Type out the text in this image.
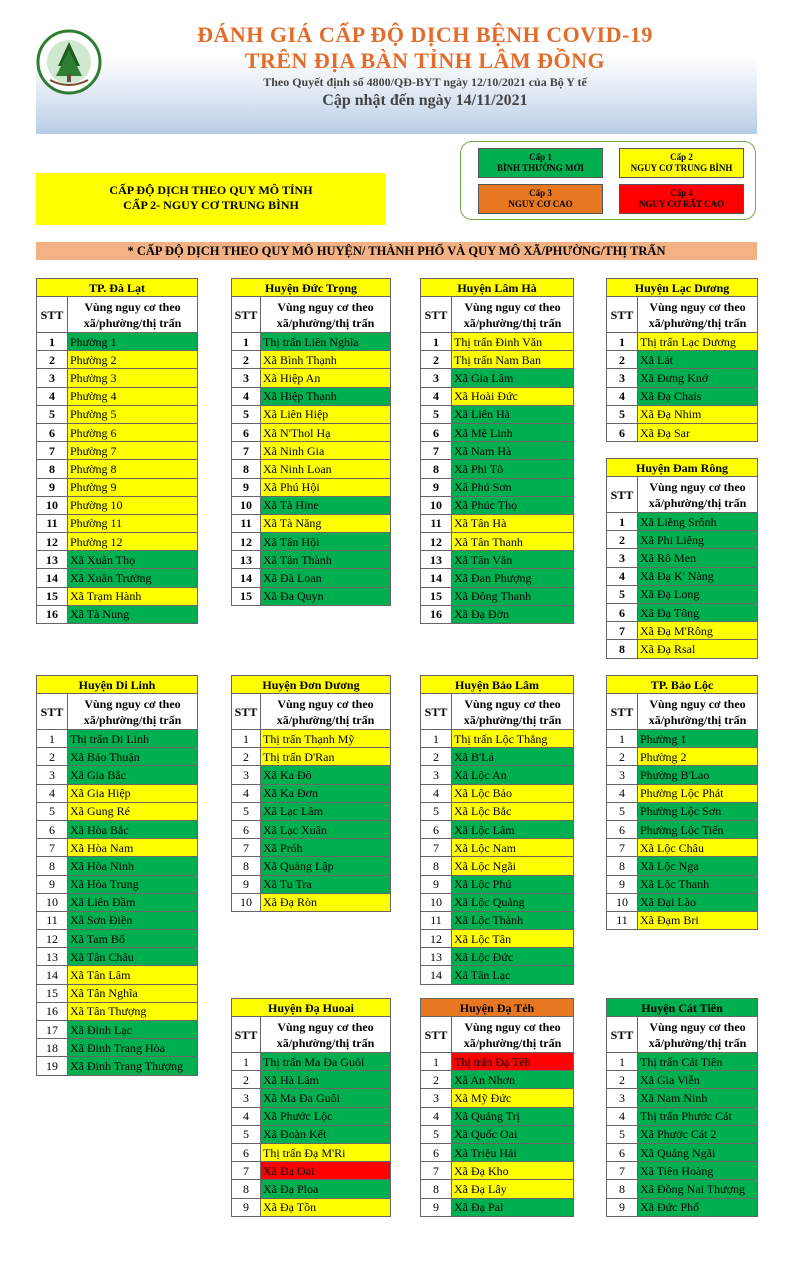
ĐÁNH GIÁ CẤP ĐỘ DỊCH BỆNH COVID-19
TRÊN ĐỊA BÀN TỈNH LÂM ĐỒNG
Theo Quyết định số 4800/QĐ-BYT ngày 12/10/2021 của Bộ Y tế
Cập nhật đến ngày 14/11/2021
CẤP ĐỘ DỊCH THEO QUY MÔ TỈNH
CẤP 2- NGUY CƠ TRUNG BÌNH
Cấp 1
BÌNH THƯỜNG MỚI
Cấp 2
NGUY CƠ TRUNG BÌNH
Cấp 3
NGUY CƠ CAO
Cấp 4
NGUY CƠ RẤT CAO
* CẤP ĐỘ DỊCH THEO QUY MÔ HUYỆN/ THÀNH PHỐ VÀ QUY MÔ XÃ/PHƯỜNG/THỊ TRẤN
TP. Đà Lạt	
STT	Vùng nguy cơ theo xã/phường/thị trấn
1	Phường 1
2	Phường 2
3	Phường 3
4	Phường 4
5	Phường 5
6	Phường 6
7	Phường 7
8	Phường 8
9	Phường 9
10	Phường 10
11	Phường 11
12	Phường 12
13	Xã Xuân Thọ
14	Xã Xuân Trường
15	Xã Trạm Hành
16	Xã Tà Nung
Huyện Đức Trọng	
STT	Vùng nguy cơ theo xã/phường/thị trấn
1	Thị trấn Liên Nghĩa
2	Xã Bình Thạnh
3	Xã Hiệp An
4	Xã Hiệp Thạnh
5	Xã Liên Hiệp
6	Xã N'Thol Hạ
7	Xã Ninh Gia
8	Xã Ninh Loan
9	Xã Phú Hội
10	Xã Tà Hine
11	Xã Tà Năng
12	Xã Tân Hội
13	Xã Tân Thành
14	Xã Đà Loan
15	Xã Đa Quyn
Huyện Lâm Hà	
STT	Vùng nguy cơ theo xã/phường/thị trấn
1	Thị trấn Đinh Văn
2	Thị trấn Nam Ban
3	Xã Gia Lâm
4	Xã Hoài Đức
5	Xã Liên Hà
6	Xã Mê Linh
7	Xã Nam Hà
8	Xã Phi Tô
9	Xã Phú Sơn
10	Xã Phúc Thọ
11	Xã Tân Hà
12	Xã Tân Thanh
13	Xã Tân Văn
14	Xã Đan Phượng
15	Xã Đông Thanh
16	Xã Đạ Đờn
Huyện Lạc Dương	
STT	Vùng nguy cơ theo xã/phường/thị trấn
1	Thị trấn Lạc Dương
2	Xã Lát
3	Xã Đưng Knớ
4	Xã Đạ Chais
5	Xã Đạ Nhim
6	Xã Đạ Sar
Huyện Đam Rông	
STT	Vùng nguy cơ theo xã/phường/thị trấn
1	Xã Liêng Srônh
2	Xã Phi Liêng
3	Xã Rô Men
4	Xã Đạ K' Nàng
5	Xã Đạ Long
6	Xã Đạ Tông
7	Xã Đạ M'Rông
8	Xã Đạ Rsal
Huyện Di Linh	
STT	Vùng nguy cơ theo xã/phường/thị trấn
1	Thị trấn Di Linh
2	Xã Bảo Thuận
3	Xã Gia Bắc
4	Xã Gia Hiệp
5	Xã Gung Ré
6	Xã Hòa Bắc
7	Xã Hòa Nam
8	Xã Hòa Ninh
9	Xã Hòa Trung
10	Xã Liên Đầm
11	Xã Sơn Điền
12	Xã Tam Bố
13	Xã Tân Châu
14	Xã Tân Lâm
15	Xã Tân Nghĩa
16	Xã Tân Thượng
17	Xã Đinh Lạc
18	Xã Đinh Trang Hòa
19	Xã Đinh Trang Thượng
Huyện Đơn Dương	
STT	Vùng nguy cơ theo xã/phường/thị trấn
1	Thị trấn Thạnh Mỹ
2	Thị trấn D'Ran
3	Xã Ka Đô
4	Xã Ka Đơn
5	Xã Lạc Lâm
6	Xã Lạc Xuân
7	Xã Próh
8	Xã Quảng Lập
9	Xã Tu Tra
10	Xã Đạ Ròn
Huyện Bảo Lâm	
STT	Vùng nguy cơ theo xã/phường/thị trấn
1	Thị trấn Lộc Thắng
2	Xã B'Lá
3	Xã Lộc An
4	Xã Lộc Bảo
5	Xã Lộc Bắc
6	Xã Lộc Lâm
7	Xã Lộc Nam
8	Xã Lộc Ngãi
9	Xã Lộc Phú
10	Xã Lộc Quảng
11	Xã Lộc Thành
12	Xã Lộc Tân
13	Xã Lộc Đức
14	Xã Tân Lạc
TP. Bảo Lộc	
STT	Vùng nguy cơ theo xã/phường/thị trấn
1	Phường 1
2	Phường 2
3	Phường B'Lao
4	Phường Lộc Phát
5	Phường Lộc Sơn
6	Phường Lộc Tiến
7	Xã Lộc Châu
8	Xã Lộc Nga
9	Xã Lộc Thanh
10	Xã Đại Lào
11	Xã Đạm Bri
Huyện Đạ Huoai	
STT	Vùng nguy cơ theo xã/phường/thị trấn
1	Thị trấn Ma Đa Guôi
2	Xã Hà Lâm
3	Xã Ma Đa Guôi
4	Xã Phước Lộc
5	Xã Đoàn Kết
6	Thị trấn Đạ M'Ri
7	Xã Đạ Oai
8	Xã Đạ Ploa
9	Xã Đạ Tồn
Huyện Đạ Tẻh	
STT	Vùng nguy cơ theo xã/phường/thị trấn
1	Thị trấn Đạ Tẻh
2	Xã An Nhơn
3	Xã Mỹ Đức
4	Xã Quảng Trị
5	Xã Quốc Oai
6	Xã Triệu Hải
7	Xã Đạ Kho
8	Xã Đạ Lây
9	Xã Đạ Pal
Huyện Cát Tiên	
STT	Vùng nguy cơ theo xã/phường/thị trấn
1	Thị trấn Cát Tiên
2	Xã Gia Viễn
3	Xã Nam Ninh
4	Thị trấn Phước Cát
5	Xã Phước Cát 2
6	Xã Quảng Ngãi
7	Xã Tiên Hoàng
8	Xã Đồng Nai Thượng
9	Xã Đức Phổ
